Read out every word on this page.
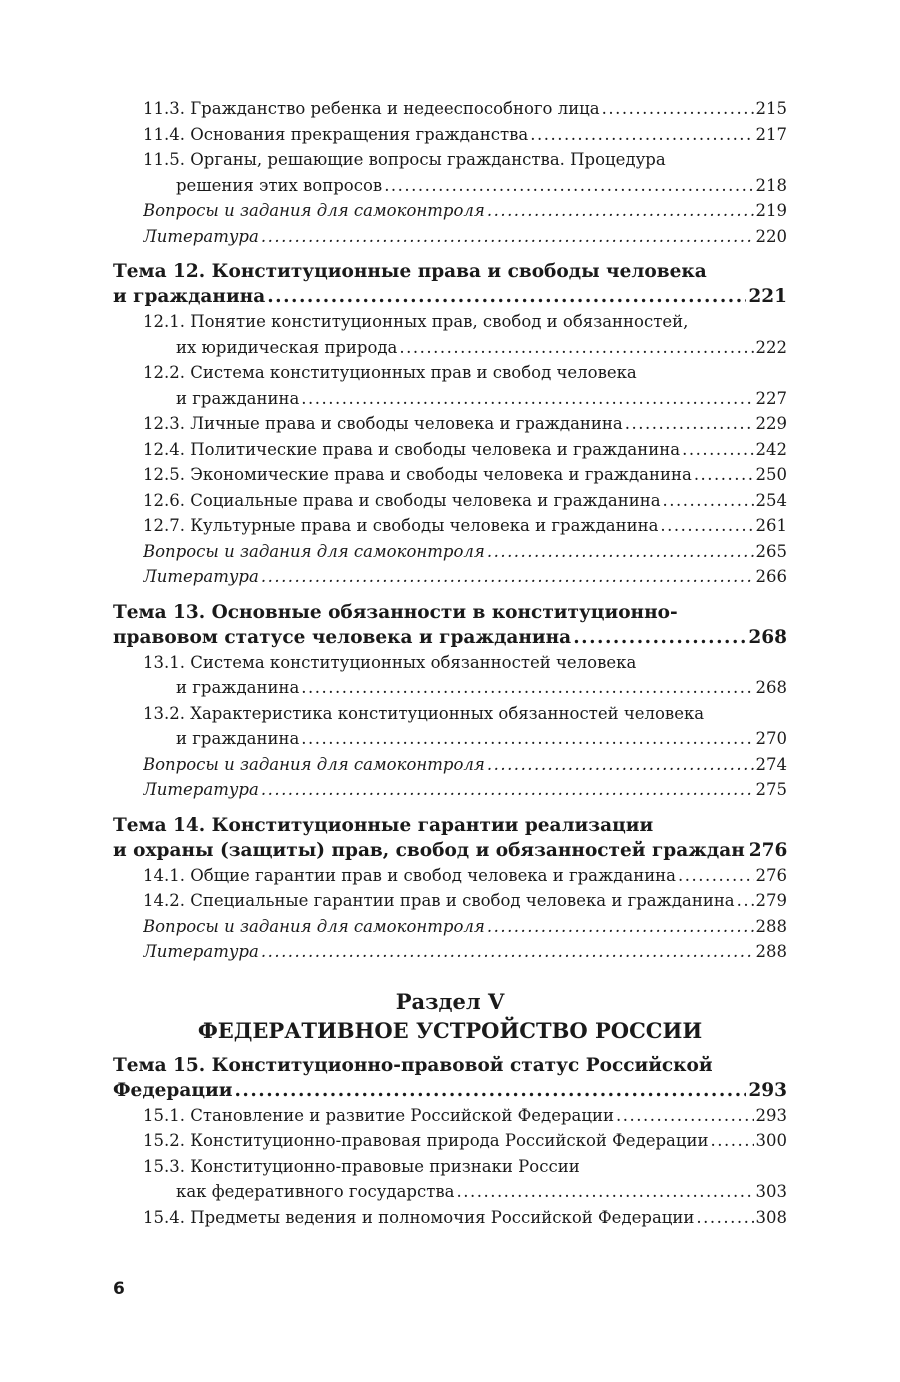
11.3. Гражданство ребенка и недееспособного лица .....	215
11.4. Основания прекращения гражданства .....	217
11.5. Органы, решающие вопросы гражданства. Процедура
решения этих вопросов .....	218
Вопросы и задания для самоконтроля .....	219
Литература .....	220
Тема 12. Конституционные права и свободы человека
и гражданина .....	221
12.1. Понятие конституционных прав, свобод и обязанностей,
их юридическая природа .....	222
12.2. Система конституционных прав и свобод человека
и гражданина .....	227
12.3. Личные права и свободы человека и гражданина .....	229
12.4. Политические права и свободы человека и гражданина .....	242
12.5. Экономические права и свободы человека и гражданина .....	250
12.6. Социальные права и свободы человека и гражданина .....	254
12.7. Культурные права и свободы человека и гражданина .....	261
Вопросы и задания для самоконтроля .....	265
Литература .....	266
Тема 13. Основные обязанности в конституционно-
правовом статусе человека и гражданина .....	268
13.1. Система конституционных обязанностей человека
и гражданина .....	268
13.2. Характеристика конституционных обязанностей человека
и гражданина .....	270
Вопросы и задания для самоконтроля .....	274
Литература .....	275
Тема 14. Конституционные гарантии реализации
и охраны (защиты) прав, свобод и обязанностей граждан 276
14.1. Общие гарантии прав и свобод человека и гражданина .....	276
14.2. Специальные гарантии прав и свобод человека и гражданина ..... 279
Вопросы и задания для самоконтроля .....	288
Литература .....	288
Раздел V
ФЕДЕРАТИВНОЕ УСТРОЙСТВО РОССИИ
Тема 15. Конституционно-правовой статус Российской
Федерации .....	293
15.1. Становление и развитие Российской Федерации .....	293
15.2. Конституционно-правовая природа Российской Федерации .....	300
15.3. Конституционно-правовые признаки России
как федеративного государства .....	303
15.4. Предметы ведения и полномочия Российской Федерации .....	308
6
